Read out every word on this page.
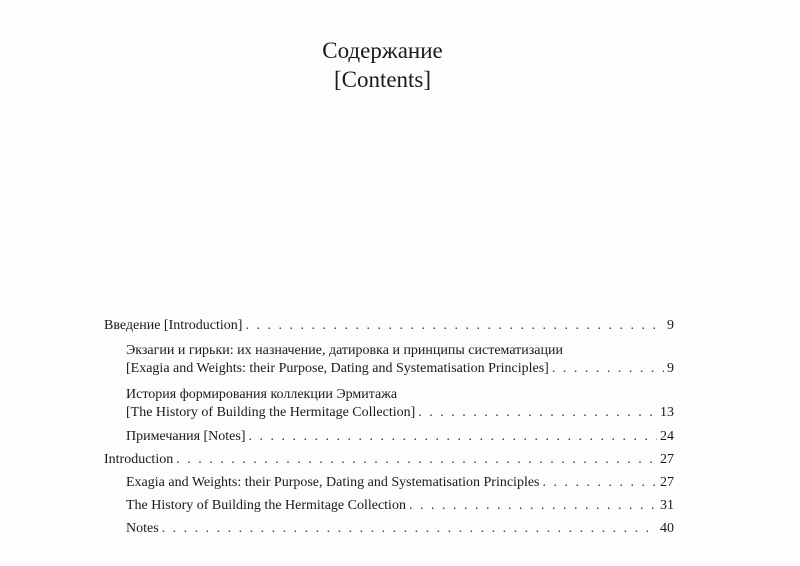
Содержание
[Contents]
Введение [Introduction] . . .	9
Экзагии и гирьки: их назначение, датировка и принципы систематизации
[Exagia and Weights: their Purpose, Dating and Systematisation Principles] . . .	9
История формирования коллекции Эрмитажа
[The History of Building the Hermitage Collection] . . .	13
Примечания [Notes] . . .	24
Introduction . . .	27
Exagia and Weights: their Purpose, Dating and Systematisation Principles . . .	27
The History of Building the Hermitage Collection . . .	31
Notes . . .	40
